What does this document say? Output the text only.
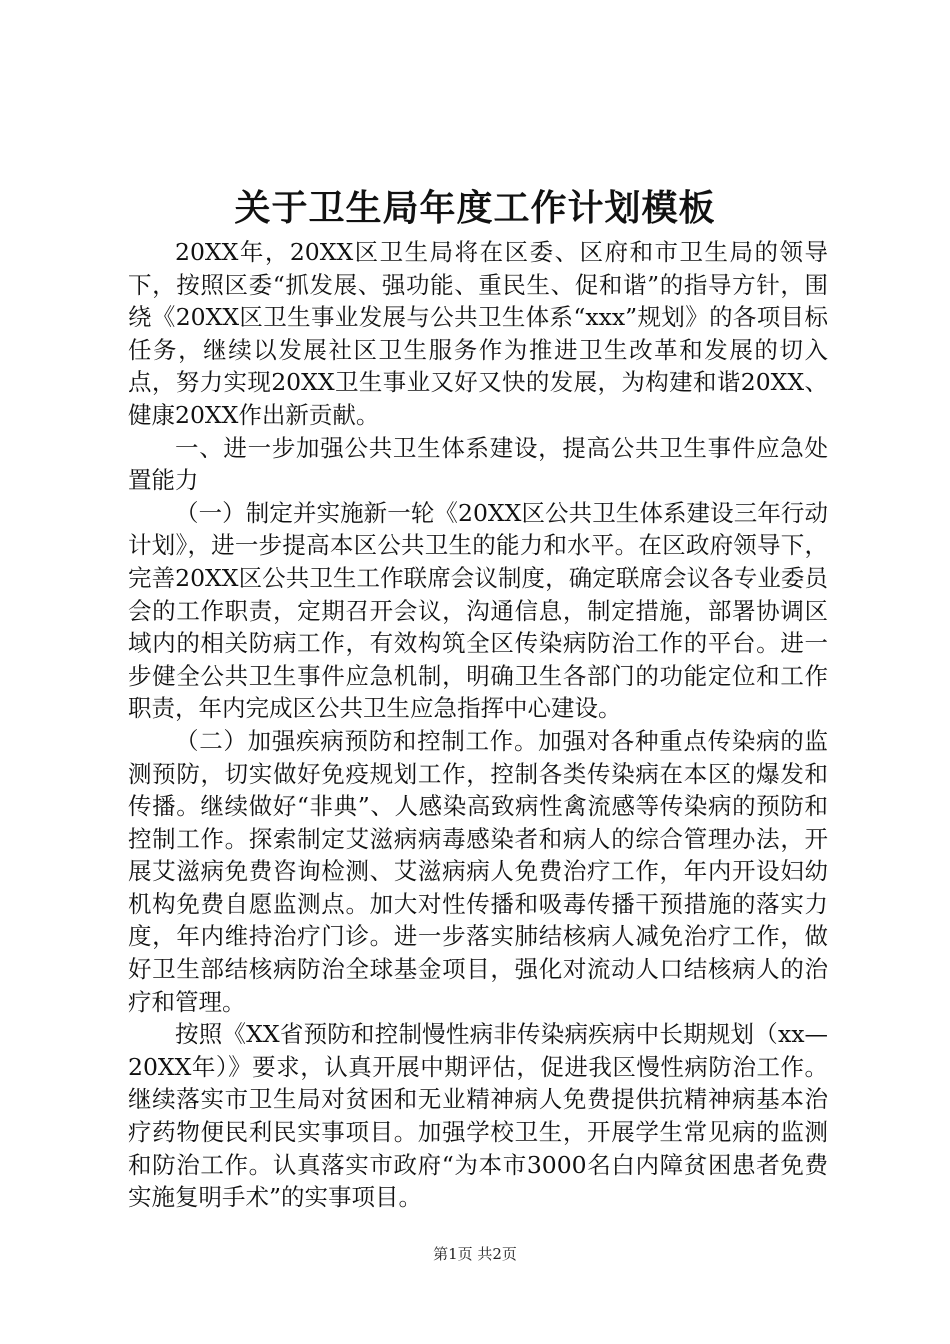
关于卫生局年度工作计划模板

20XX年，20XX区卫生局将在区委、区府和市卫生局的领导下，按照区委“抓发展、强功能、重民生、促和谐”的指导方针，围绕《20XX区卫生事业发展与公共卫生体系“xxx”规划》的各项目标任务，继续以发展社区卫生服务作为推进卫生改革和发展的切入点，努力实现20XX卫生事业又好又快的发展，为构建和谐20XX、健康20XX作出新贡献。

一、进一步加强公共卫生体系建设，提高公共卫生事件应急处置能力

（一）制定并实施新一轮《20XX区公共卫生体系建设三年行动计划》，进一步提高本区公共卫生的能力和水平。在区政府领导下，完善20XX区公共卫生工作联席会议制度，确定联席会议各专业委员会的工作职责，定期召开会议，沟通信息，制定措施，部署协调区域内的相关防病工作，有效构筑全区传染病防治工作的平台。进一步健全公共卫生事件应急机制，明确卫生各部门的功能定位和工作职责，年内完成区公共卫生应急指挥中心建设。

（二）加强疾病预防和控制工作。加强对各种重点传染病的监测预防，切实做好免疫规划工作，控制各类传染病在本区的爆发和传播。继续做好“非典”、人感染高致病性禽流感等传染病的预防和控制工作。探索制定艾滋病病毒感染者和病人的综合管理办法，开展艾滋病免费咨询检测、艾滋病病人免费治疗工作，年内开设妇幼机构免费自愿监测点。加大对性传播和吸毒传播干预措施的落实力度，年内维持治疗门诊。进一步落实肺结核病人减免治疗工作，做好卫生部结核病防治全球基金项目，强化对流动人口结核病人的治疗和管理。

按照《XX省预防和控制慢性病非传染病疾病中长期规划（xx—20XX年）》要求，认真开展中期评估，促进我区慢性病防治工作。继续落实市卫生局对贫困和无业精神病人免费提供抗精神病基本治疗药物便民利民实事项目。加强学校卫生，开展学生常见病的监测和防治工作。认真落实市政府“为本市3000名白内障贫困患者免费实施复明手术”的实事项目。

第1页 共2页
